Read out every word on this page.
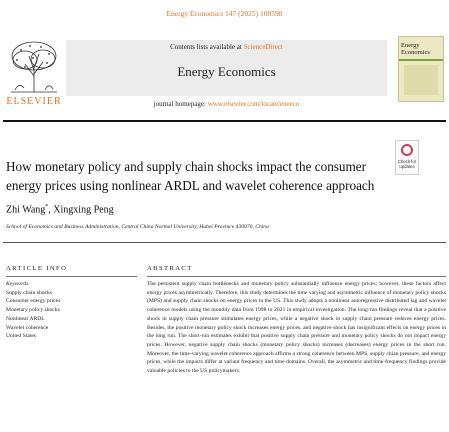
Energy Economics 147 (2025) 108598
ELSEVIER
Contents lists available at ScienceDirect
Energy Economics
Energy Economics
journal homepage: www.elsevier.com/locate/eneeco
Check for updates
How monetary policy and supply chain shocks impact the consumer energy prices using nonlinear ARDL and wavelet coherence approach
Zhi Wang*, Xingxing Peng
School of Economics and Business Administration, Central China Normal University, Hubei Province 430070, China
ARTICLE INFO
Keywords:
Supply chain shocks
Consumer energy prices
Monetary policy shocks
Nonlinear ARDL
Wavelet coherence
United States
ABSTRACT

The persistent supply chain bottlenecks and monetary policy substantially influence energy prices; however, these factors affect energy prices asymmetrically. Therefore, this study determines the time varying and asymmetric influence of monetary policy shocks (MPS) and supply chain shocks on energy prices in the US. This study adopts a nonlinear autoregressive distributed lag and wavelet coherence models using the monthly data from 1998 to 2021 in empirical investigation. The long-run findings reveal that a positive shock in supply chain pressure stimulates energy prices, while a negative shock in supply chain pressure reduces energy prices. Besides, the positive monetary policy shock increases energy prices, and negative shock has insignificant effects on energy prices in the long run. The short-run estimates exhibit that positive supply chain pressure and monetary policy shocks do not impact energy prices. However, negative supply chain shocks (monetary policy shocks) increases (decreases) energy prices in the short run. Moreover, the time-varying wavelet coherence approach affirms a strong coherence between MPS, supply chian pressure, and energy prices, while the impacts differ at variant frequency and time domains. Overall, the asymmetric and time-frequency findings provide valuable policies to the US policymakers.
